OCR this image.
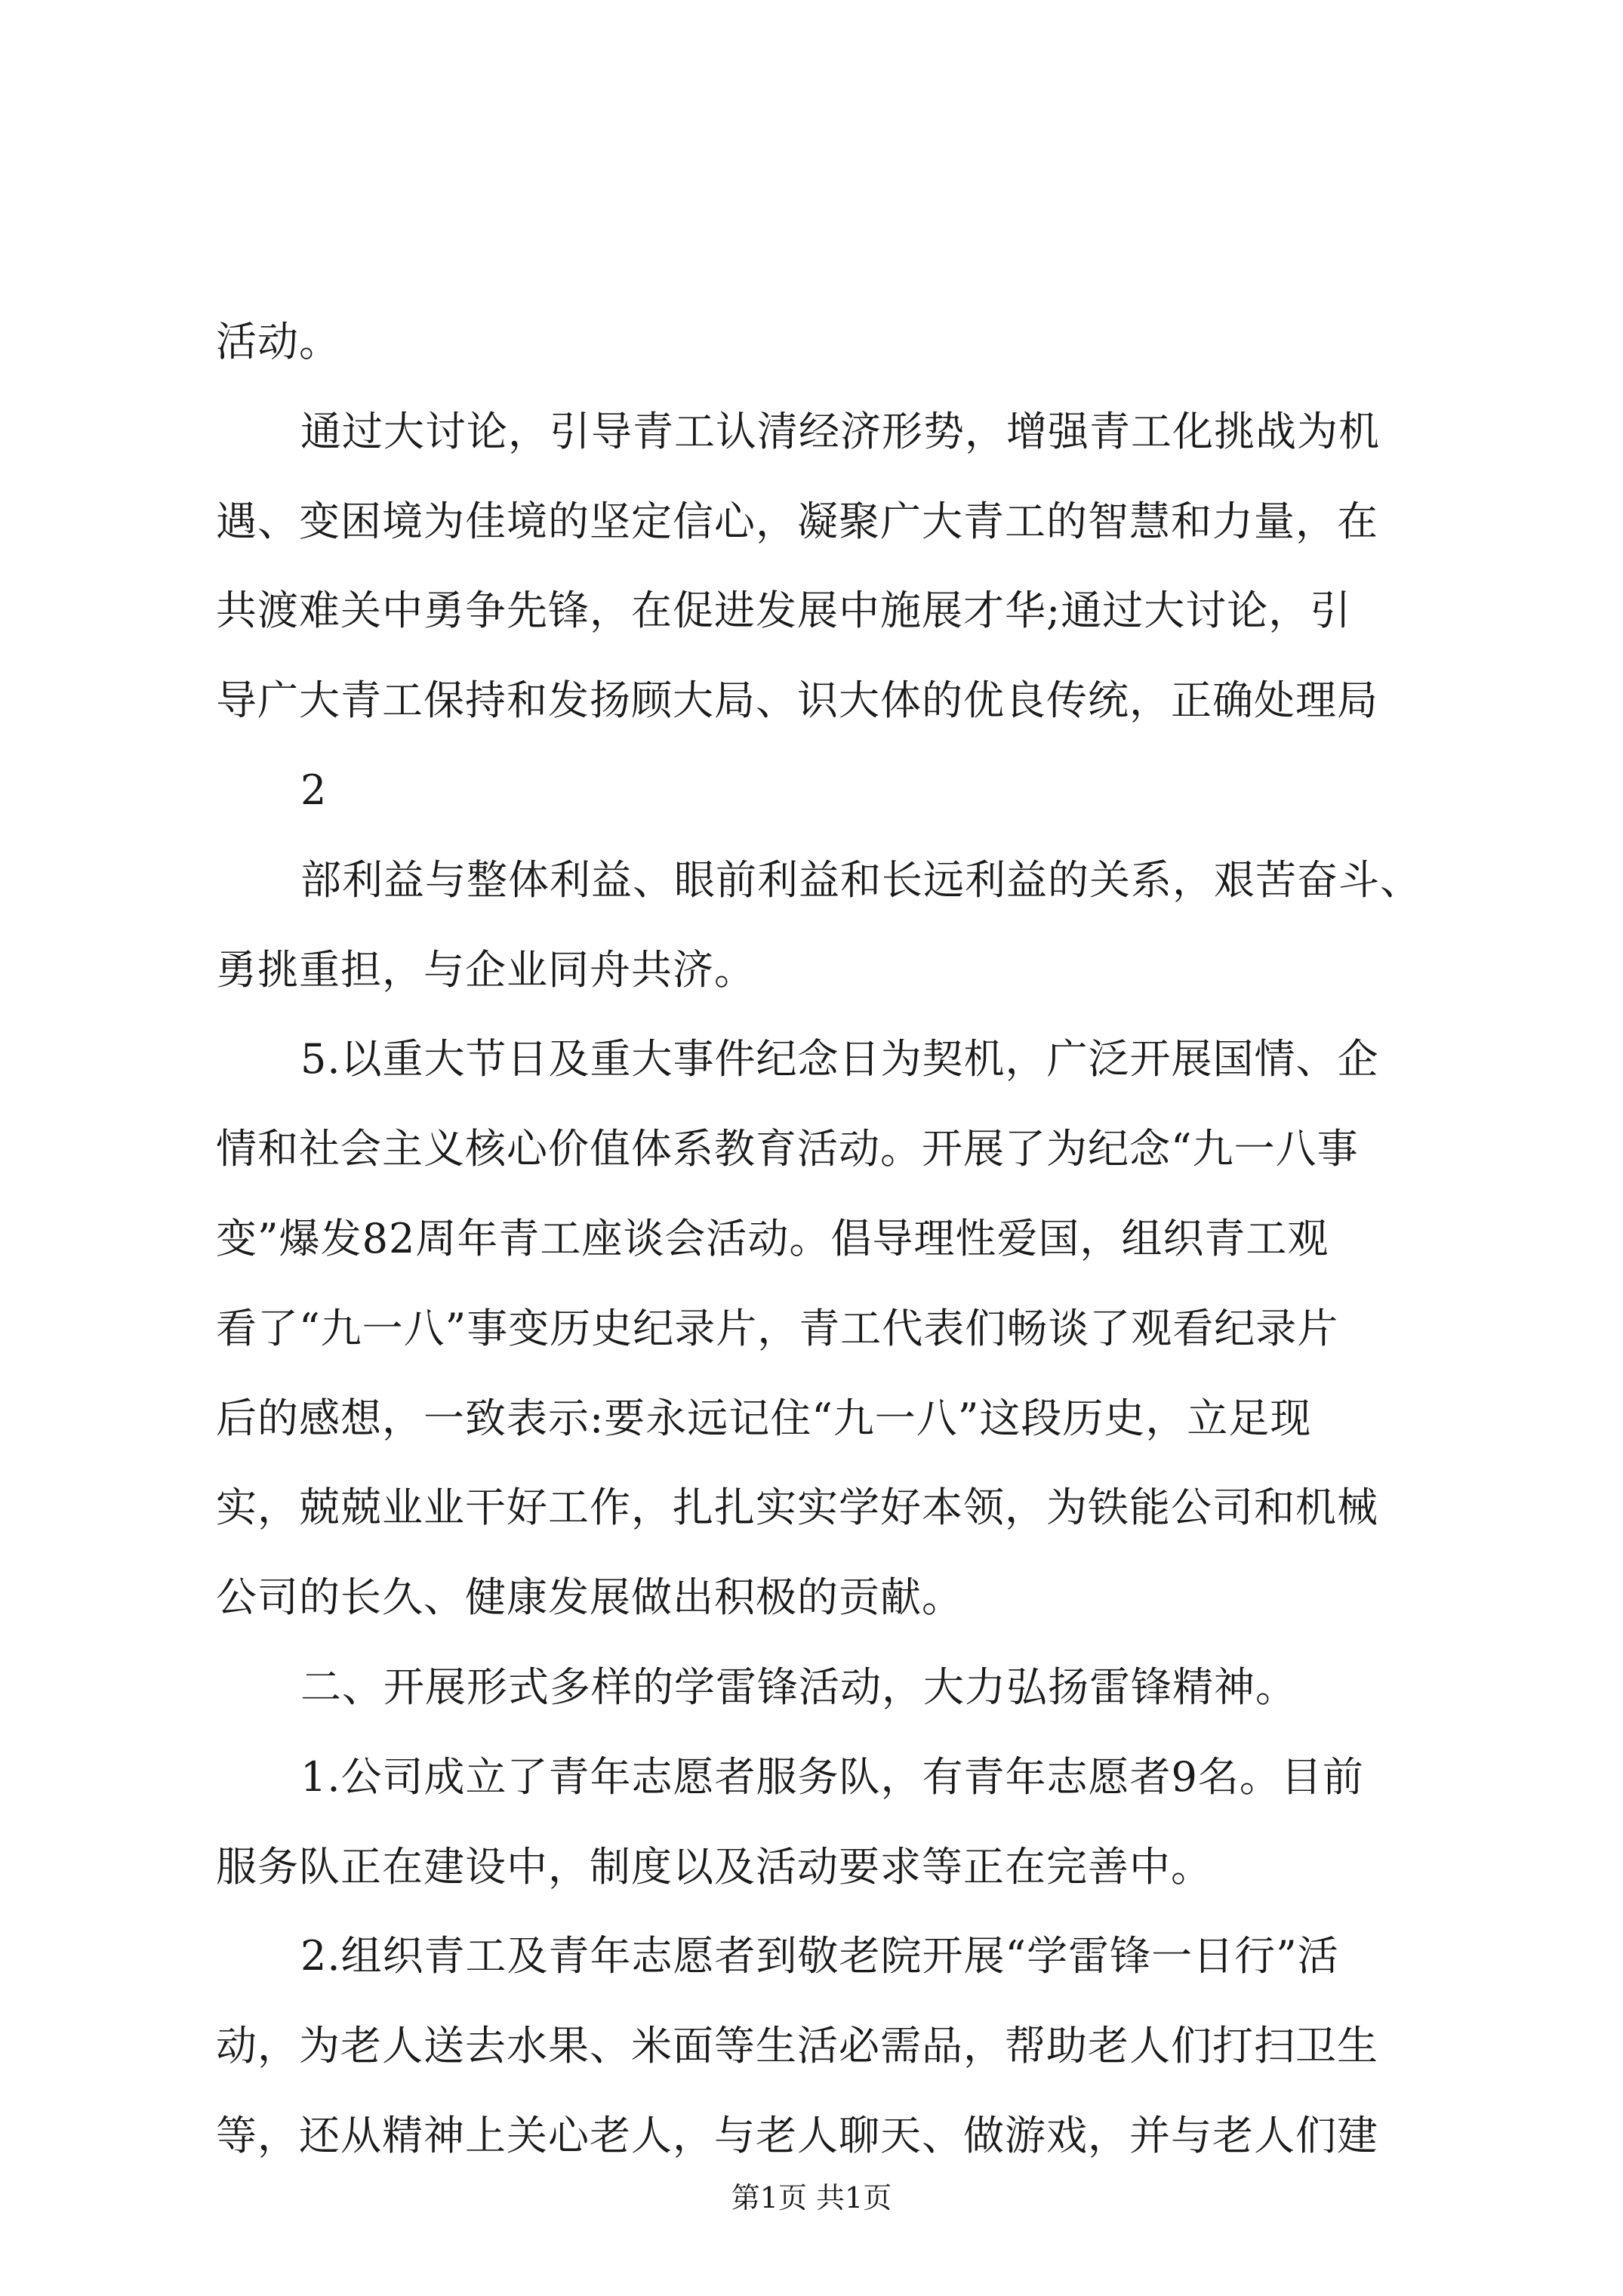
活动。
通过大讨论，引导青工认清经济形势，增强青工化挑战为机
遇、变困境为佳境的坚定信心，凝聚广大青工的智慧和力量，在
共渡难关中勇争先锋，在促进发展中施展才华;通过大讨论，引
导广大青工保持和发扬顾大局、识大体的优良传统，正确处理局
2
部利益与整体利益、眼前利益和长远利益的关系，艰苦奋斗、
勇挑重担，与企业同舟共济。
5.以重大节日及重大事件纪念日为契机，广泛开展国情、企
情和社会主义核心价值体系教育活动。开展了为纪念“九一八事
变”爆发82周年青工座谈会活动。倡导理性爱国，组织青工观
看了“九一八”事变历史纪录片，青工代表们畅谈了观看纪录片
后的感想，一致表示:要永远记住“九一八”这段历史，立足现
实，兢兢业业干好工作，扎扎实实学好本领，为铁能公司和机械
公司的长久、健康发展做出积极的贡献。
二、开展形式多样的学雷锋活动，大力弘扬雷锋精神。
1.公司成立了青年志愿者服务队，有青年志愿者9名。目前
服务队正在建设中，制度以及活动要求等正在完善中。
2.组织青工及青年志愿者到敬老院开展“学雷锋一日行”活
动，为老人送去水果、米面等生活必需品，帮助老人们打扫卫生
等，还从精神上关心老人，与老人聊天、做游戏，并与老人们建
第1页 共1页
